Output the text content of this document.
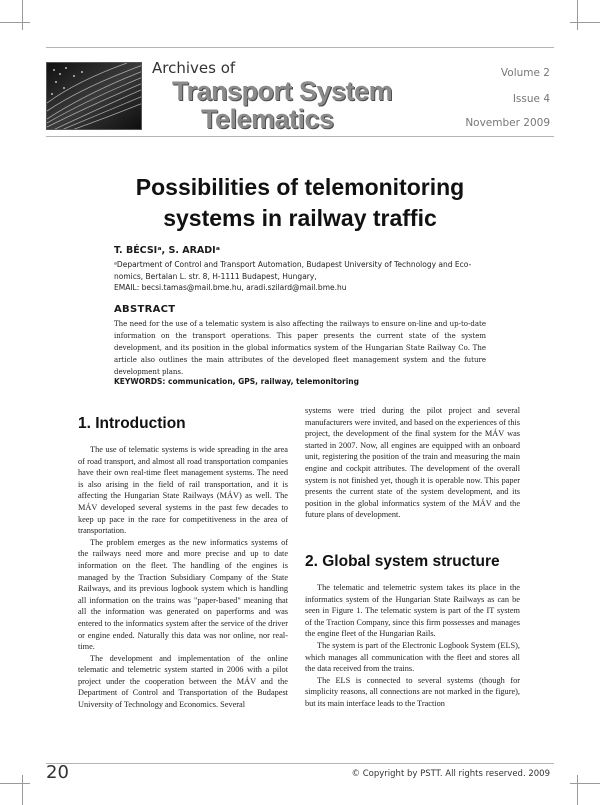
Archives of
Transport System
Telematics
Volume 2
Issue 4
November 2009
Possibilities of telemonitoring
systems in railway traffic
T. BÉCSIᵃ, S. ARADIᵃ
ᵃDepartment of Control and Transport Automation, Budapest University of Technology and Eco-
nomics, Bertalan L. str. 8, H-1111 Budapest, Hungary,
EMAIL: becsi.tamas@mail.bme.hu, aradi.szilard@mail.bme.hu
ABSTRACT
The need for the use of a telematic system is also affecting the railways to ensure on-line and up-to-date information on the transport operations. This paper presents the current state of the system development, and its position in the global informatics system of the Hungarian State Railway Co. The article also outlines the main attributes of the developed fleet management system and the future development plans.
KEYWORDS: communication, GPS, railway, telemonitoring
1. Introduction

The use of telematic systems is wide spreading in the area of road transport, and almost all road transportation companies have their own real-time fleet management systems. The need is also arising in the field of rail transportation, and it is affecting the Hungarian State Railways (MÁV) as well. The MÁV developed several systems in the past few decades to keep up pace in the race for competitiveness in the area of transportation.

The problem emerges as the new informatics systems of the railways need more and more precise and up to date information on the fleet. The handling of the engines is managed by the Traction Subsidiary Company of the State Railways, and its previous logbook system which is handling all information on the trains was "paper-based" meaning that all the information was generated on paperforms and was entered to the informatics system after the service of the driver or engine ended. Naturally this data was nor online, nor real-time.

The development and implementation of the online telematic and telemetric system started in 2006 with a pilot project under the cooperation between the MÁV and the Department of Control and Transportation of the Budapest University of Technology and Economics. Several

systems were tried during the pilot project and several manufacturers were invited, and based on the experiences of this project, the development of the final system for the MÁV was started in 2007. Now, all engines are equipped with an onboard unit, registering the position of the train and measuring the main engine and cockpit attributes. The development of the overall system is not finished yet, though it is operable now. This paper presents the current state of the system development, and its position in the global informatics system of the MÁV and the future plans of development.

2. Global system structure

The telematic and telemetric system takes its place in the informatics system of the Hungarian State Railways as can be seen in Figure 1. The telematic system is part of the IT system of the Traction Company, since this firm possesses and manages the engine fleet of the Hungarian Rails.

The system is part of the Electronic Logbook System (ELS), which manages all communication with the fleet and stores all the data received from the trains.

The ELS is connected to several systems (though for simplicity reasons, all connections are not marked in the figure), but its main interface leads to the Traction

20	© Copyright by PSTT. All rights reserved. 2009
